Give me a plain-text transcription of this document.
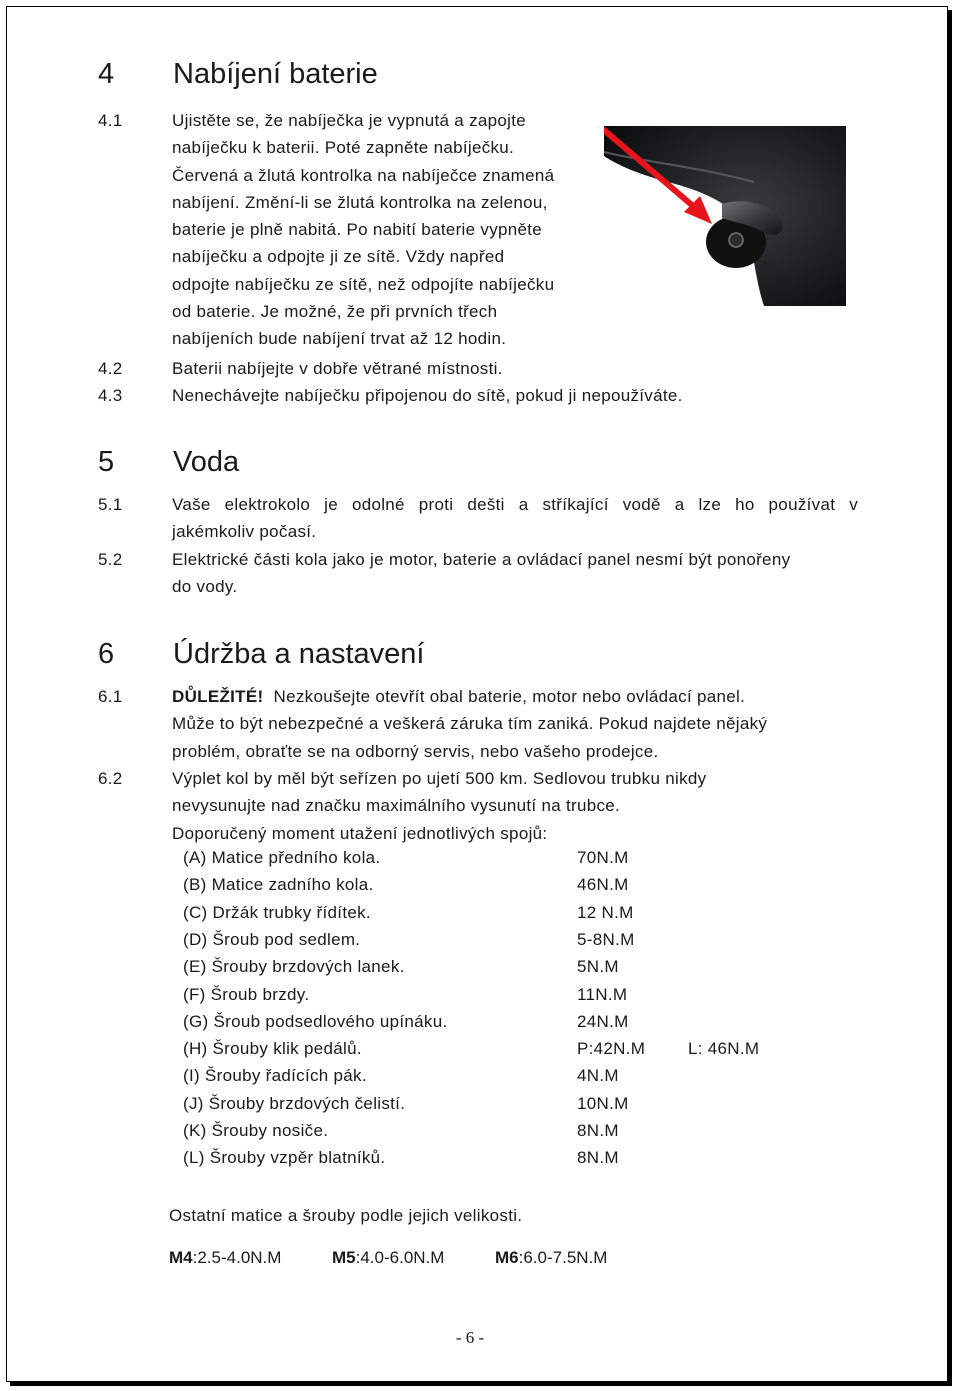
4 Nabíjení baterie
4.1	Ujistěte se, že nabíječka je vypnutá a zapojte
nabíječku k baterii. Poté zapněte nabíječku.
Červená a žlutá kontrolka na nabíječce znamená
nabíjení. Změní-li se žlutá kontrolka na zelenou,
baterie je plně nabitá. Po nabití baterie vypněte
nabíječku a odpojte ji ze sítě. Vždy napřed
odpojte nabíječku ze sítě, než odpojíte nabíječku
od baterie. Je možné, že při prvních třech
nabíjeních bude nabíjení trvat až 12 hodin.
4.2	Baterii nabíjejte v dobře větrané místnosti.
4.3	Nenechávejte nabíječku připojenou do sítě, pokud ji nepoužíváte.
5 Voda
5.1	Vaše elektrokolo je odolné proti dešti a stříkající vodě a lze ho používat v
jakémkoliv počasí.
5.2	Elektrické části kola jako je motor, baterie a ovládací panel nesmí být ponořeny
do vody.
6 Údržba a nastavení
6.1	DŮLEŽITÉ! Nezkoušejte otevřít obal baterie, motor nebo ovládací panel.
Může to být nebezpečné a veškerá záruka tím zaniká. Pokud najdete nějaký
problém, obraťte se na odborný servis, nebo vašeho prodejce.
6.2	Výplet kol by měl být seřízen po ujetí 500 km. Sedlovou trubku nikdy
nevysunujte nad značku maximálního vysunutí na trubce.
Doporučený moment utažení jednotlivých spojů:
(A) Matice předního kola.	70N.M
(B) Matice zadního kola.	46N.M
(C) Držák trubky řídítek.	12 N.M
(D) Šroub pod sedlem.	5-8N.M
(E) Šrouby brzdových lanek.	5N.M
(F) Šroub brzdy.	11N.M
(G) Šroub podsedlového upínáku.	24N.M
(H) Šrouby klik pedálů.	P:42N.M	L: 46N.M
(I) Šrouby řadících pák.	4N.M
(J) Šrouby brzdových čelistí.	10N.M
(K) Šrouby nosiče.	8N.M
(L) Šrouby vzpěr blatníků.	8N.M
Ostatní matice a šrouby podle jejich velikosti.
M4:2.5-4.0N.M	M5:4.0-6.0N.M	M6:6.0-7.5N.M
- 6 -
